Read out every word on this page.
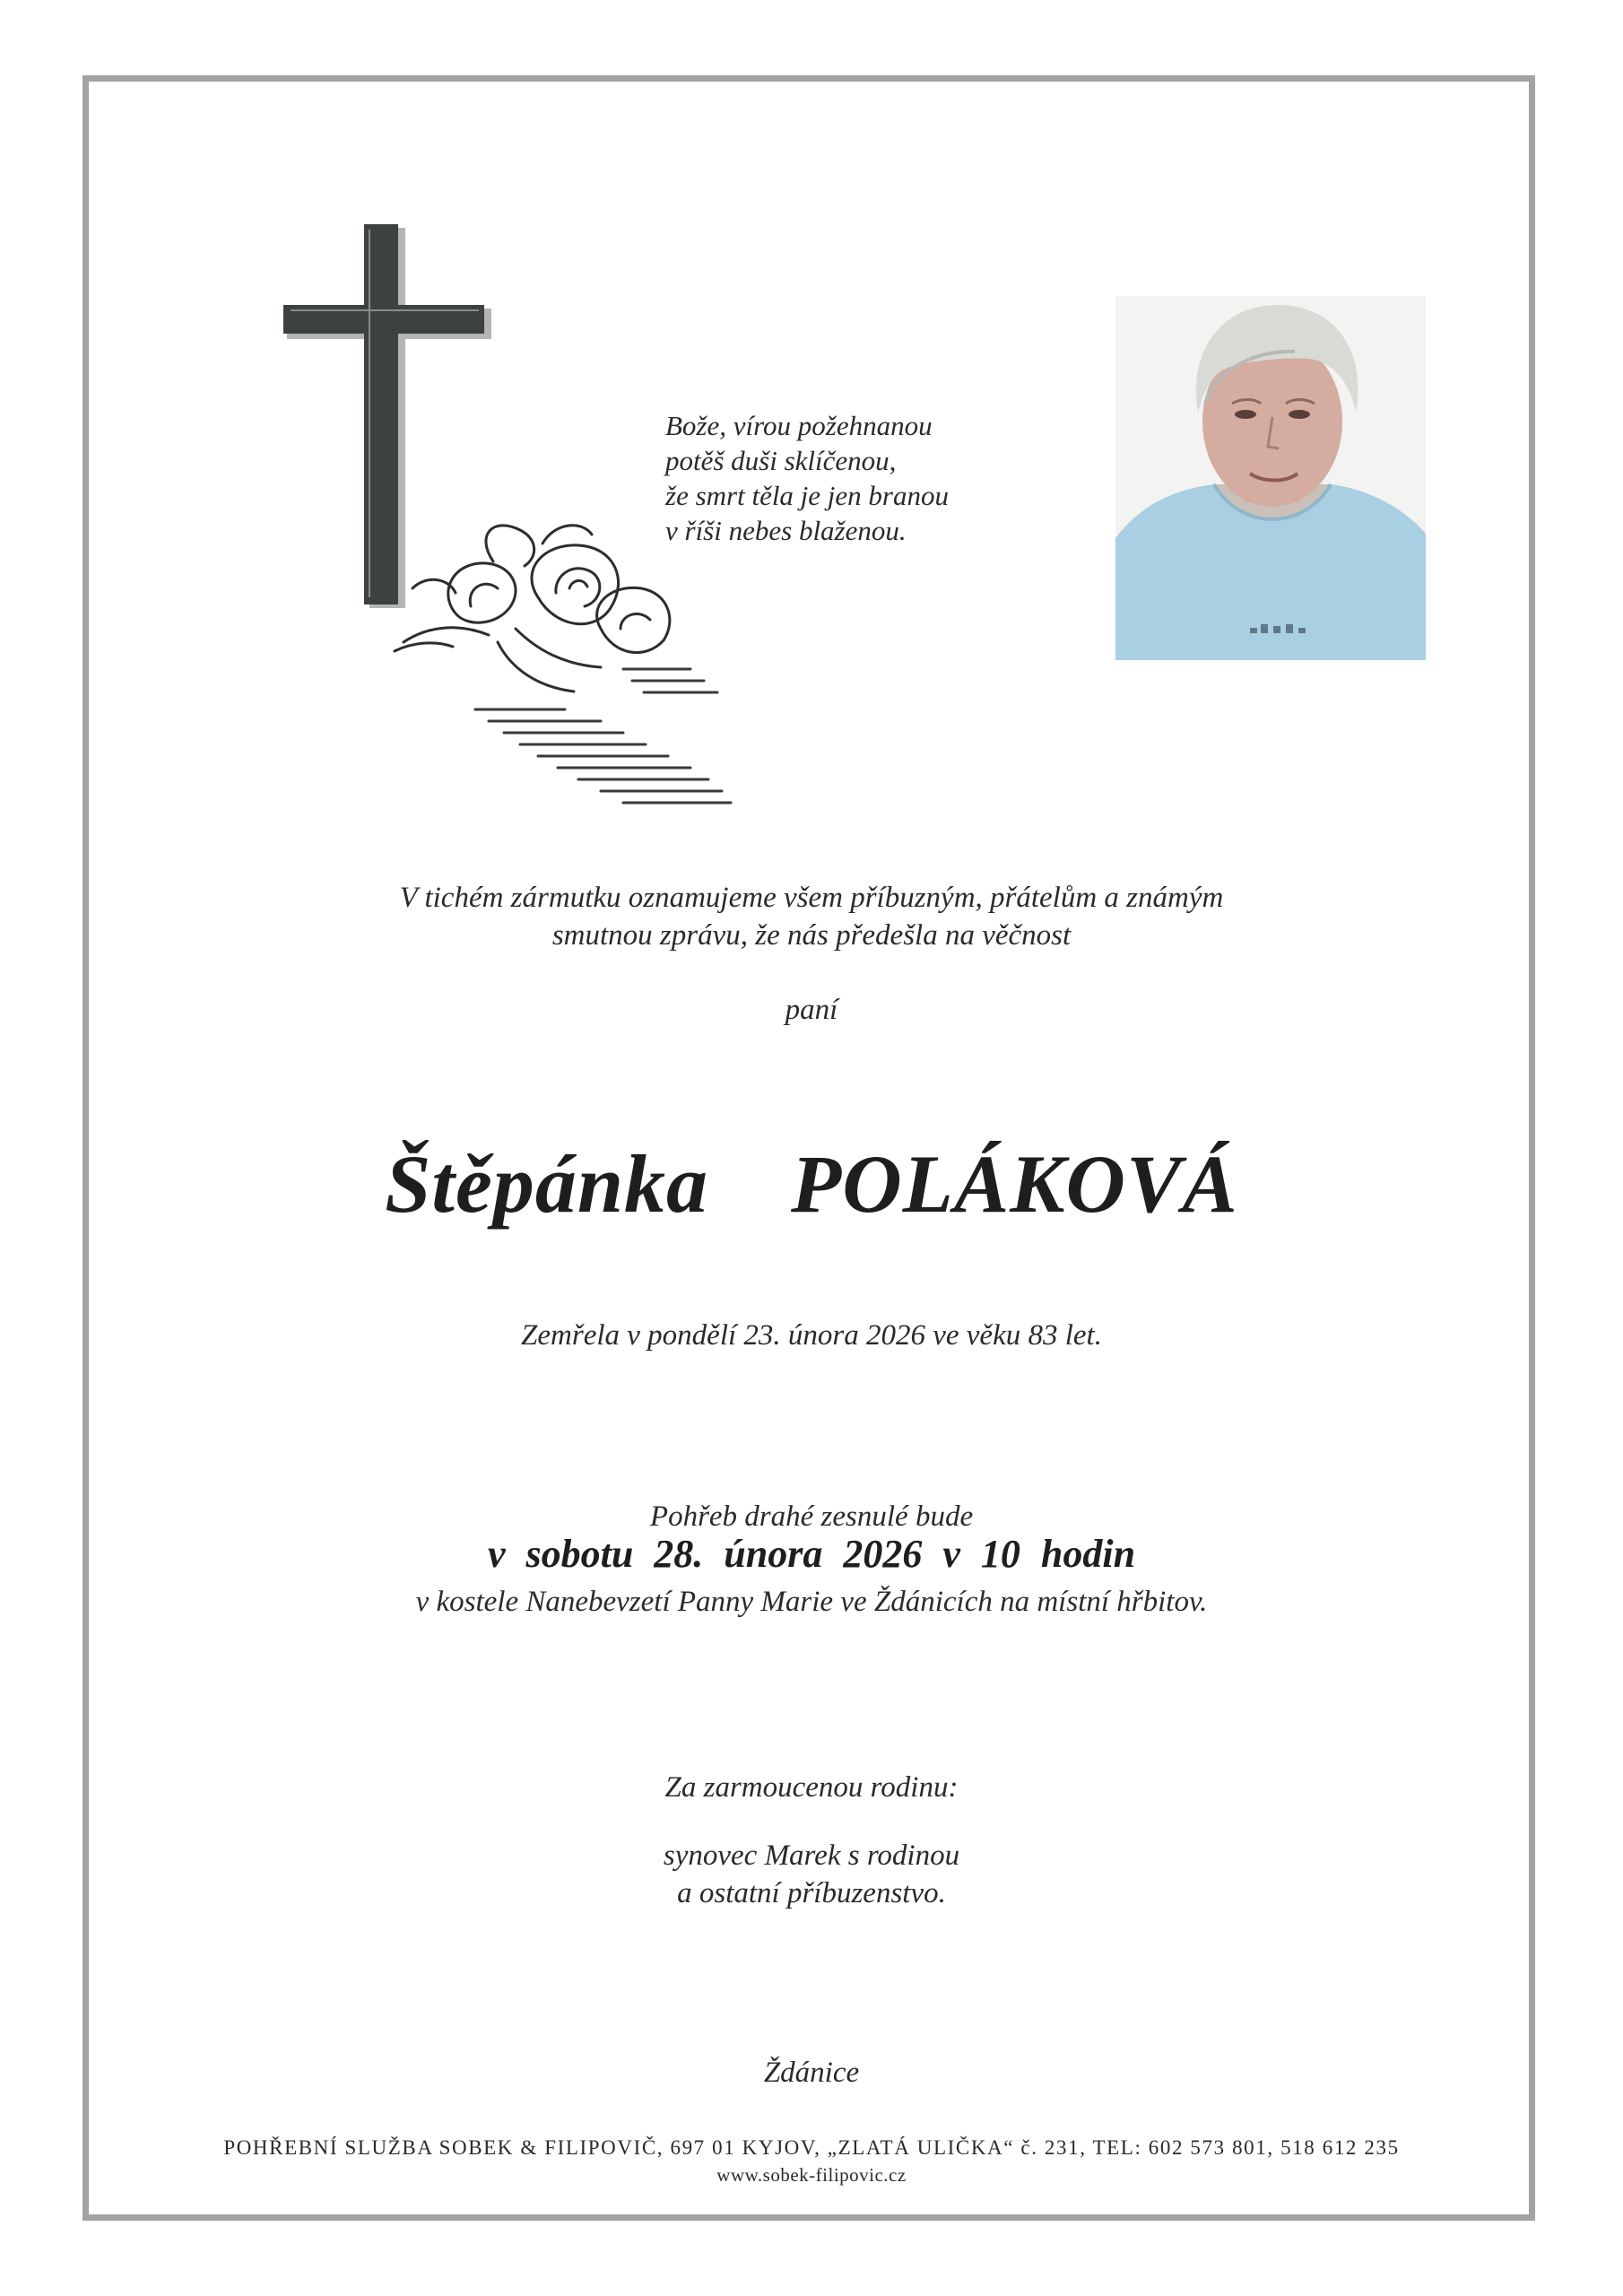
Bože, vírou požehnanou
potěš duši sklíčenou,
že smrt těla je jen branou
v říši nebes blaženou.
V tichém zármutku oznamujeme všem příbuzným, přátelům a známým
smutnou zprávu, že nás předešla na věčnost
paní
Štěpánka  POLÁKOVÁ
Zemřela v pondělí 23. února 2026 ve věku 83 let.
Pohřeb drahé zesnulé bude
v sobotu 28. února 2026 v 10 hodin
v kostele Nanebevzetí Panny Marie ve Ždánicích na místní hřbitov.
Za zarmoucenou rodinu:
synovec Marek s rodinou
a ostatní příbuzenstvo.
Ždánice
POHŘEBNÍ SLUŽBA SOBEK & FILIPOVIČ, 697 01 KYJOV, „ZLATÁ ULIČKA“ č. 231, TEL: 602 573 801, 518 612 235
www.sobek-filipovic.cz
